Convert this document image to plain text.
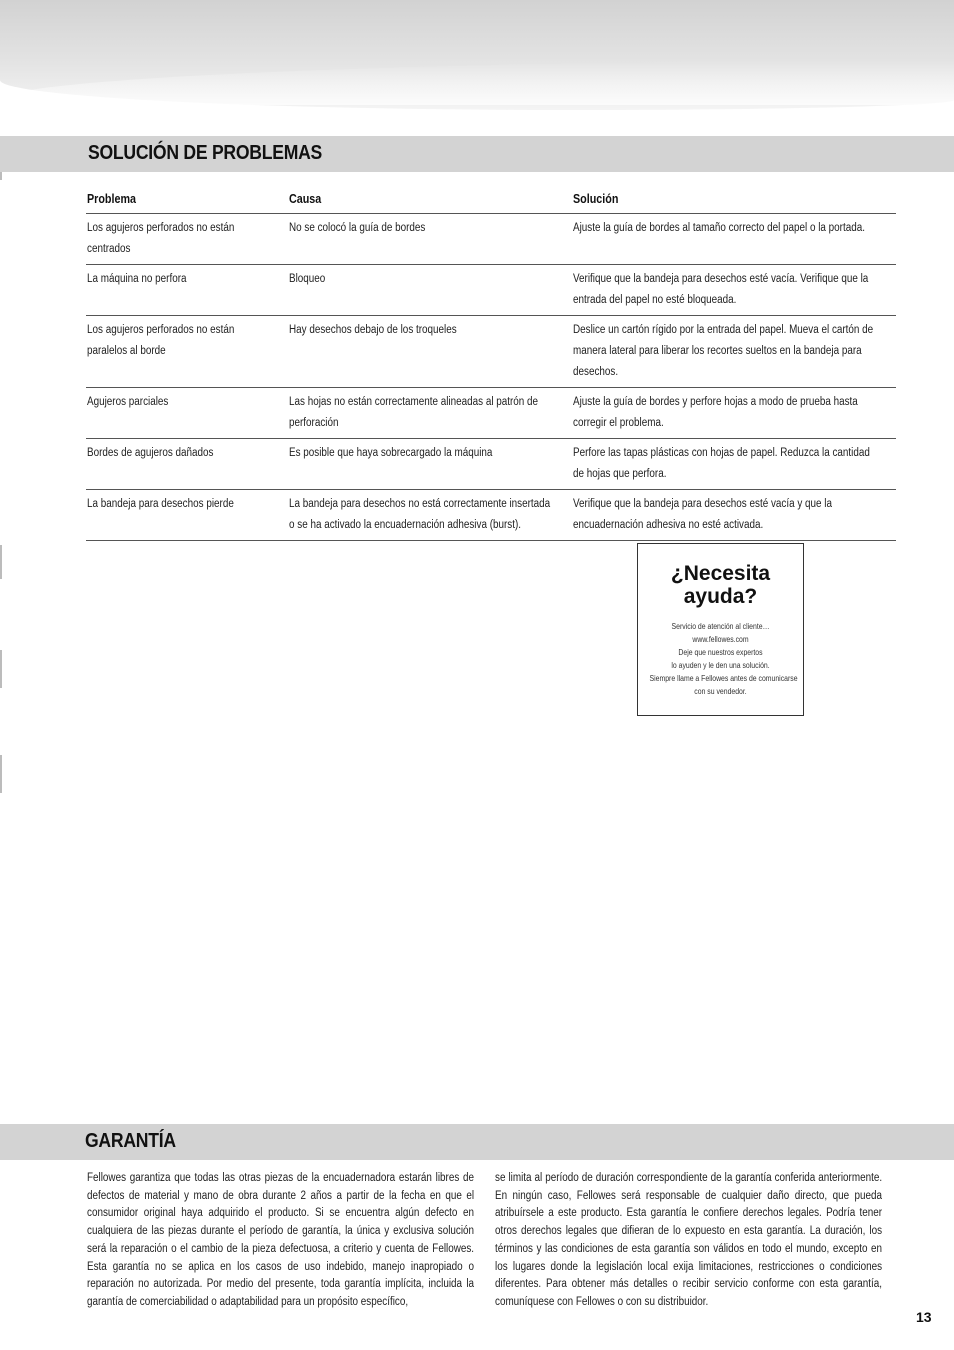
SOLUCIÓN DE PROBLEMAS
Problema	Causa	Solución
Los agujeros perforados no están centrados	No se colocó la guía de bordes	Ajuste la guía de bordes al tamaño correcto del papel o la portada.
La máquina no perfora	Bloqueo	Verifique que la bandeja para desechos esté vacía. Verifique que la entrada del papel no esté bloqueada.
Los agujeros perforados no están paralelos al borde	Hay desechos debajo de los troqueles	Deslice un cartón rígido por la entrada del papel. Mueva el cartón de manera lateral para liberar los recortes sueltos en la bandeja para desechos.
Agujeros parciales	Las hojas no están correctamente alineadas al patrón de perforación	Ajuste la guía de bordes y perfore hojas a modo de prueba hasta corregir el problema.
Bordes de agujeros dañados	Es posible que haya sobrecargado la máquina	Perfore las tapas plásticas con hojas de papel. Reduzca la cantidad de hojas que perfora.
La bandeja para desechos pierde	La bandeja para desechos no está correctamente insertada o se ha activado la encuadernación adhesiva (burst).	Verifique que la bandeja para desechos esté vacía y que la encuadernación adhesiva no esté activada.
¿Necesita
ayuda?
Servicio de atención al cliente…
www.fellowes.com
Deje que nuestros expertos
lo ayuden y le den una solución.
Siempre llame a Fellowes antes de comunicarse
con su vendedor.
GARANTÍA
Fellowes garantiza que todas las otras piezas de la encuadernadora estarán libres de defectos de material y mano de obra durante 2 años a partir de la fecha en que el consumidor original haya adquirido el producto. Si se encuentra algún defecto en cualquiera de las piezas durante el período de garantía, la única y exclusiva solución será la reparación o el cambio de la pieza defectuosa, a criterio y cuenta de Fellowes. Esta garantía no se aplica en los casos de uso indebido, manejo inapropiado o reparación no autorizada. Por medio del presente, toda garantía implícita, incluida la garantía de comerciabilidad o adaptabilidad para un propósito específico,
se limita al período de duración correspondiente de la garantía conferida anteriormente. En ningún caso, Fellowes será responsable de cualquier daño directo, que pueda atribuírsele a este producto. Esta garantía le confiere derechos legales. Podría tener otros derechos legales que difieran de lo expuesto en esta garantía. La duración, los términos y las condiciones de esta garantía son válidos en todo el mundo, excepto en los lugares donde la legislación local exija limitaciones, restricciones o condiciones diferentes. Para obtener más detalles o recibir servicio conforme con esta garantía, comuníquese con Fellowes o con su distribuidor.
13
